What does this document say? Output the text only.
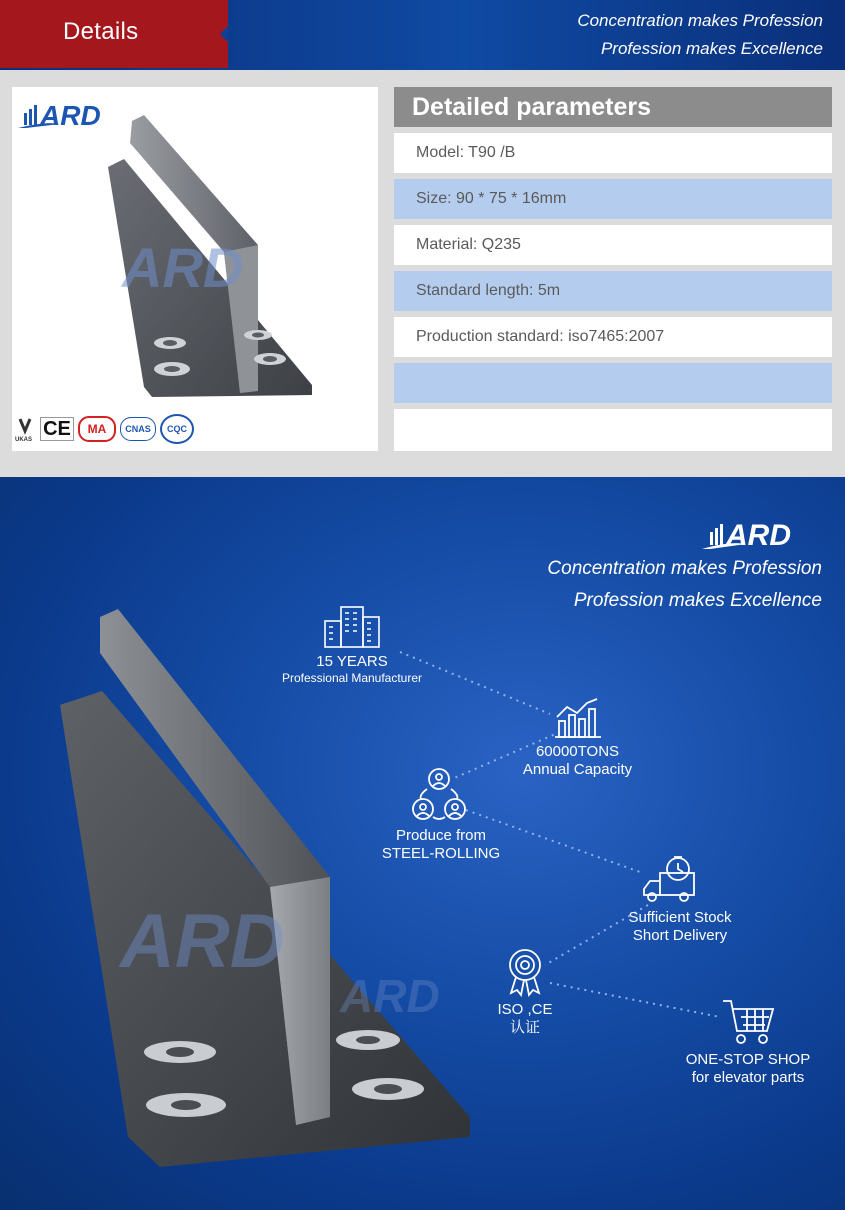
Details	Concentration makes Profession
Profession makes Excellence
ARD
ARD
UKAS
CE MA CNAS CQC
Detailed parameters
Model: T90 /B
Size: 90 * 75 * 16mm
Material: Q235
Standard length: 5m
Production standard: iso7465:2007
ARD
ARD
ARD
Concentration makes Profession
Profession makes Excellence
15 YEARS
Professional Manufacturer
60000TONS
Annual Capacity
Produce from
STEEL-ROLLING
Sufficient Stock
Short Delivery
ISO ,CE
认证
ONE-STOP SHOP
for elevator parts
